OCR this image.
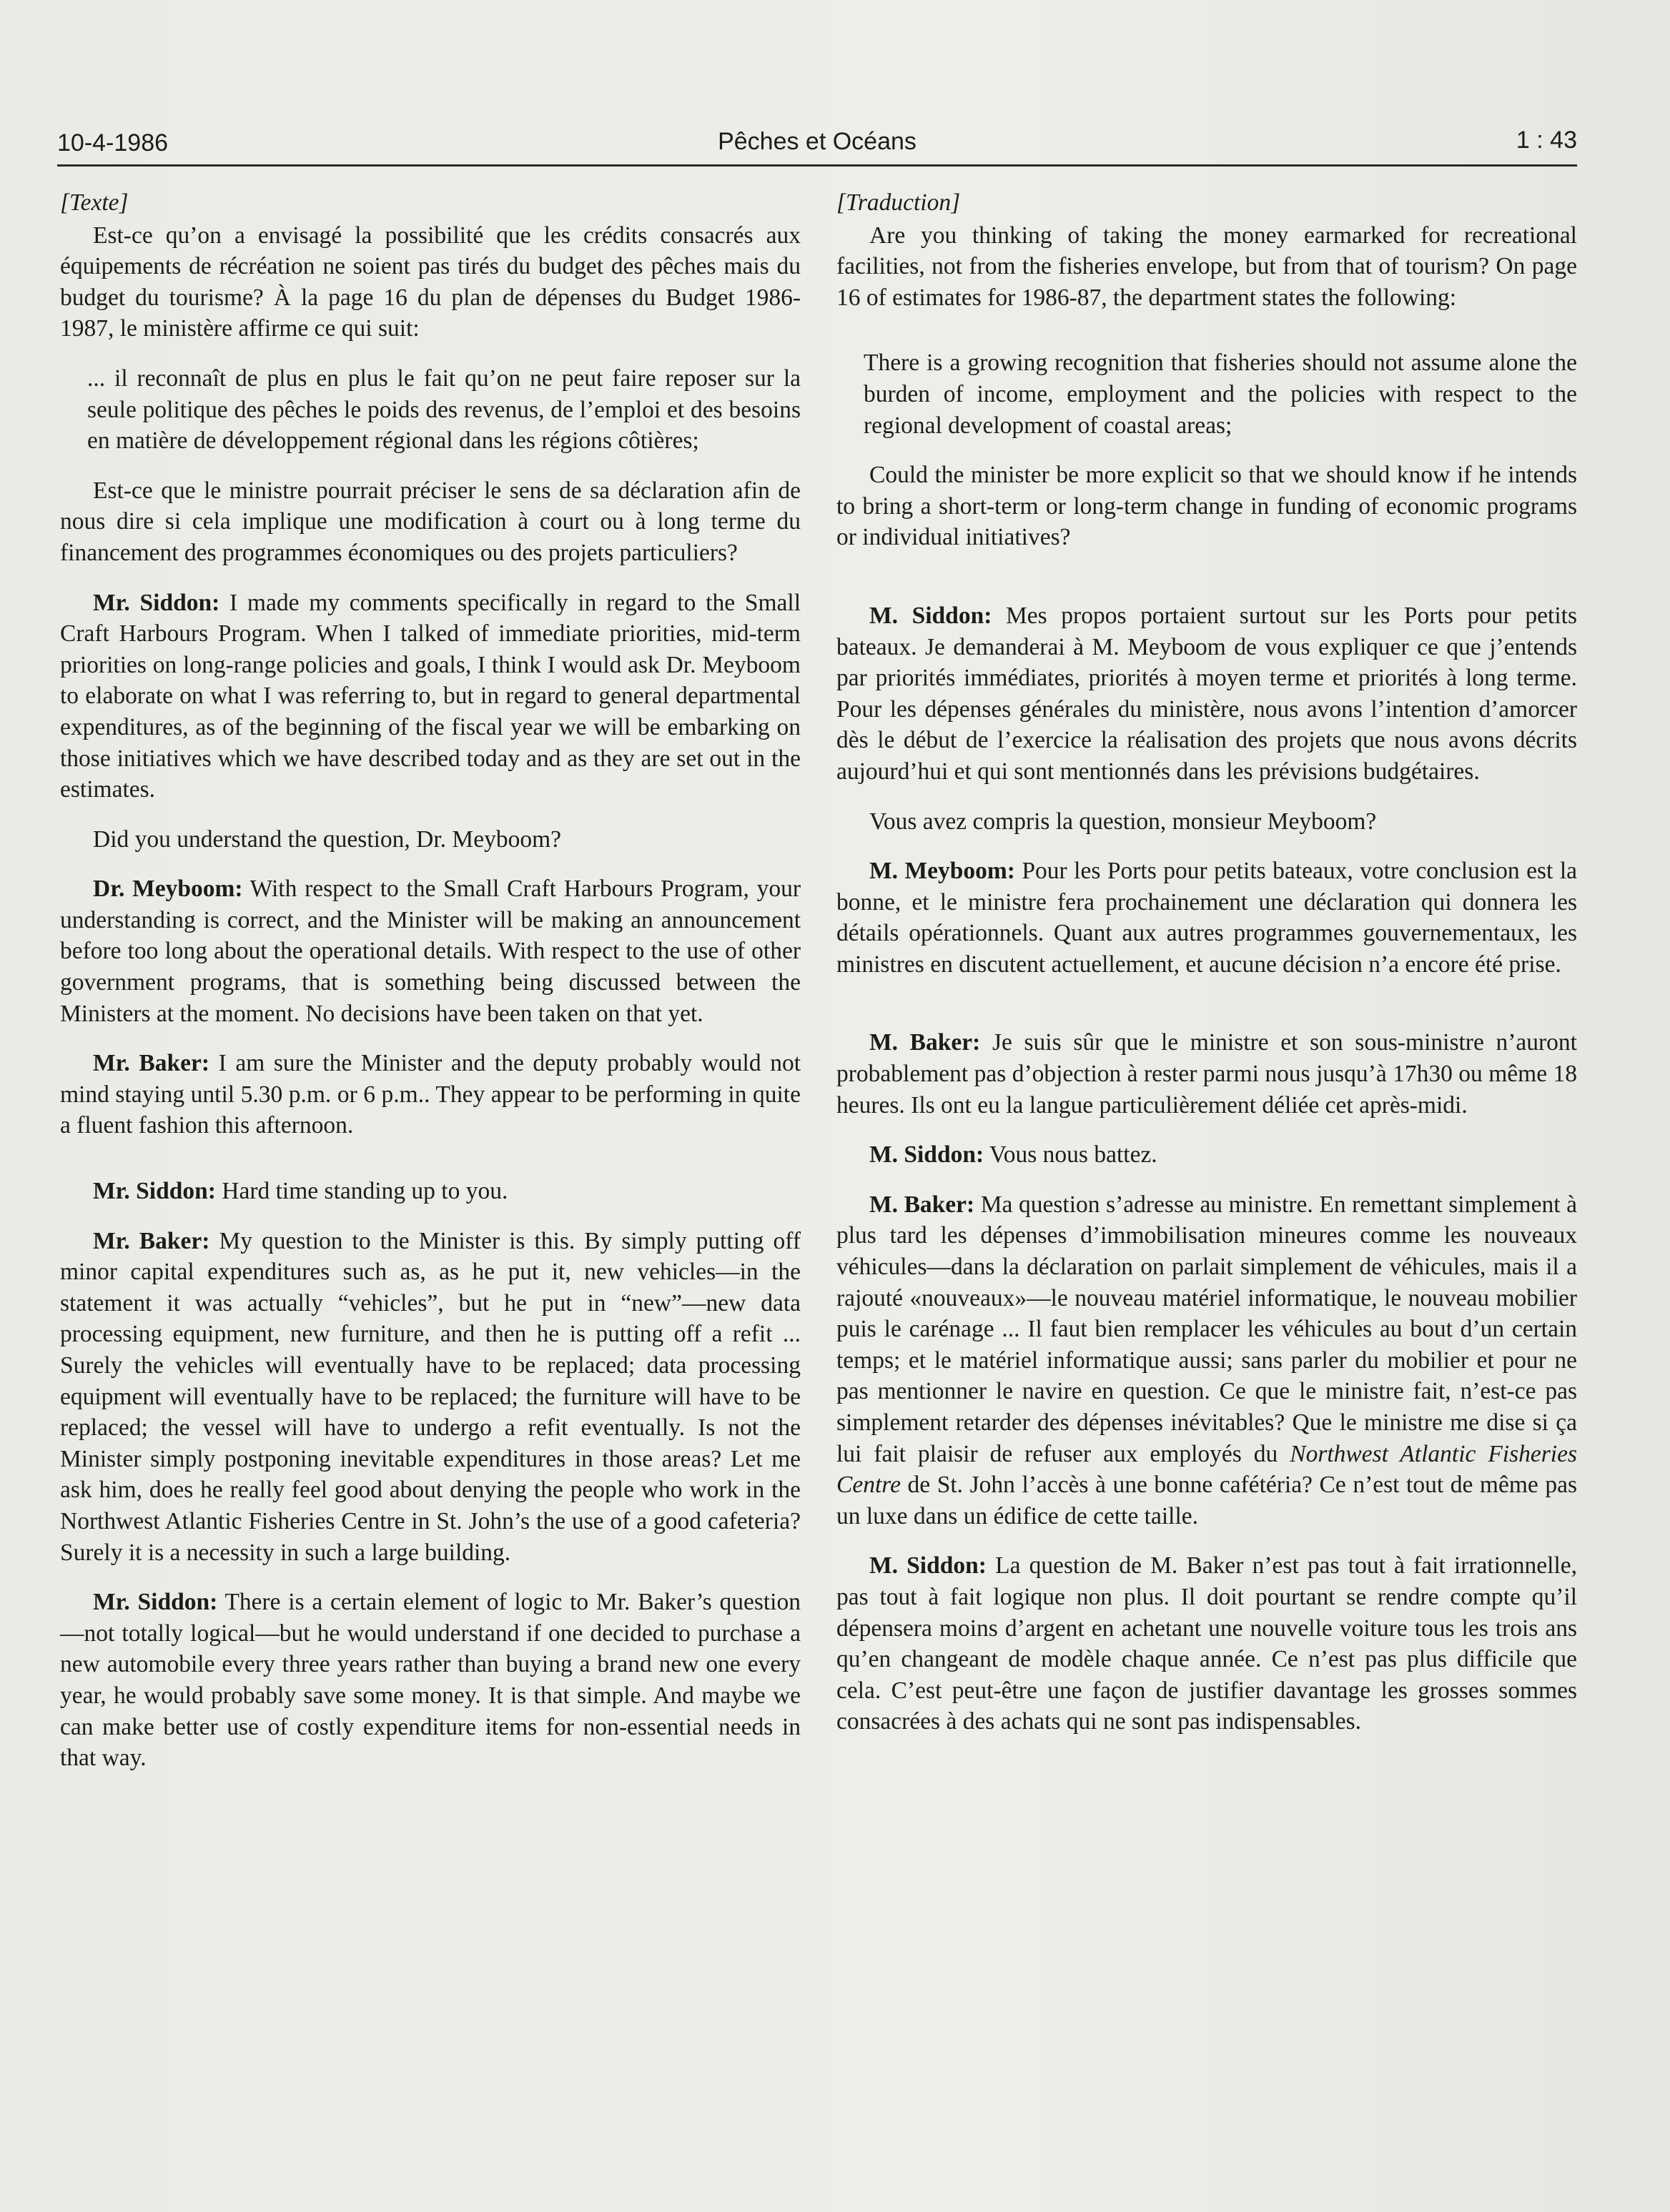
10-4-1986	Pêches et Océans	1 : 43

[Texte]

Est-ce qu’on a envisagé la possibilité que les crédits consacrés aux équipements de récréation ne soient pas tirés du budget des pêches mais du budget du tourisme? À la page 16 du plan de dépenses du Budget 1986-1987, le ministère affirme ce qui suit:

... il reconnaît de plus en plus le fait qu’on ne peut faire reposer sur la seule politique des pêches le poids des revenus, de l’emploi et des besoins en matière de développement régional dans les régions côtières;

Est-ce que le ministre pourrait préciser le sens de sa déclaration afin de nous dire si cela implique une modification à court ou à long terme du financement des programmes économiques ou des projets particuliers?

Mr. Siddon: I made my comments specifically in regard to the Small Craft Harbours Program. When I talked of immediate priorities, mid-term priorities on long-range policies and goals, I think I would ask Dr. Meyboom to elaborate on what I was referring to, but in regard to general departmental expenditures, as of the beginning of the fiscal year we will be embarking on those initiatives which we have described today and as they are set out in the estimates.

Did you understand the question, Dr. Meyboom?

Dr. Meyboom: With respect to the Small Craft Harbours Program, your understanding is correct, and the Minister will be making an announcement before too long about the operational details. With respect to the use of other government programs, that is something being discussed between the Ministers at the moment. No decisions have been taken on that yet.

Mr. Baker: I am sure the Minister and the deputy probably would not mind staying until 5.30 p.m. or 6 p.m.. They appear to be performing in quite a fluent fashion this afternoon.

Mr. Siddon: Hard time standing up to you.

Mr. Baker: My question to the Minister is this. By simply putting off minor capital expenditures such as, as he put it, new vehicles—in the statement it was actually “vehicles”, but he put in “new”—new data processing equipment, new furniture, and then he is putting off a refit ... Surely the vehicles will eventually have to be replaced; data processing equipment will eventually have to be replaced; the furniture will have to be replaced; the vessel will have to undergo a refit eventually. Is not the Minister simply postponing inevitable expenditures in those areas? Let me ask him, does he really feel good about denying the people who work in the Northwest Atlantic Fisheries Centre in St. John’s the use of a good cafeteria? Surely it is a necessity in such a large building.

Mr. Siddon: There is a certain element of logic to Mr. Baker’s question—not totally logical—but he would understand if one decided to purchase a new automobile every three years rather than buying a brand new one every year, he would probably save some money. It is that simple. And maybe we can make better use of costly expenditure items for non-essential needs in that way.

[Traduction]

Are you thinking of taking the money earmarked for recreational facilities, not from the fisheries envelope, but from that of tourism? On page 16 of estimates for 1986-87, the department states the following:

There is a growing recognition that fisheries should not assume alone the burden of income, employment and the policies with respect to the regional development of coastal areas;

Could the minister be more explicit so that we should know if he intends to bring a short-term or long-term change in funding of economic programs or individual initiatives?

M. Siddon: Mes propos portaient surtout sur les Ports pour petits bateaux. Je demanderai à M. Meyboom de vous expliquer ce que j’entends par priorités immédiates, priorités à moyen terme et priorités à long terme. Pour les dépenses générales du ministère, nous avons l’intention d’amorcer dès le début de l’exercice la réalisation des projets que nous avons décrits aujourd’hui et qui sont mentionnés dans les prévisions budgétaires.

Vous avez compris la question, monsieur Meyboom?

M. Meyboom: Pour les Ports pour petits bateaux, votre conclusion est la bonne, et le ministre fera prochainement une déclaration qui donnera les détails opérationnels. Quant aux autres programmes gouvernementaux, les ministres en discutent actuellement, et aucune décision n’a encore été prise.

M. Baker: Je suis sûr que le ministre et son sous-ministre n’auront probablement pas d’objection à rester parmi nous jusqu’à 17h30 ou même 18 heures. Ils ont eu la langue particulièrement déliée cet après-midi.

M. Siddon: Vous nous battez.

M. Baker: Ma question s’adresse au ministre. En remettant simplement à plus tard les dépenses d’immobilisation mineures comme les nouveaux véhicules—dans la déclaration on parlait simplement de véhicules, mais il a rajouté «nouveaux»—le nouveau matériel informatique, le nouveau mobilier puis le carénage ... Il faut bien remplacer les véhicules au bout d’un certain temps; et le matériel informatique aussi; sans parler du mobilier et pour ne pas mentionner le navire en question. Ce que le ministre fait, n’est-ce pas simplement retarder des dépenses inévitables? Que le ministre me dise si ça lui fait plaisir de refuser aux employés du Northwest Atlantic Fisheries Centre de St. John l’accès à une bonne cafétéria? Ce n’est tout de même pas un luxe dans un édifice de cette taille.

M. Siddon: La question de M. Baker n’est pas tout à fait irrationnelle, pas tout à fait logique non plus. Il doit pourtant se rendre compte qu’il dépensera moins d’argent en achetant une nouvelle voiture tous les trois ans qu’en changeant de modèle chaque année. Ce n’est pas plus difficile que cela. C’est peut-être une façon de justifier davantage les grosses sommes consacrées à des achats qui ne sont pas indispensables.
